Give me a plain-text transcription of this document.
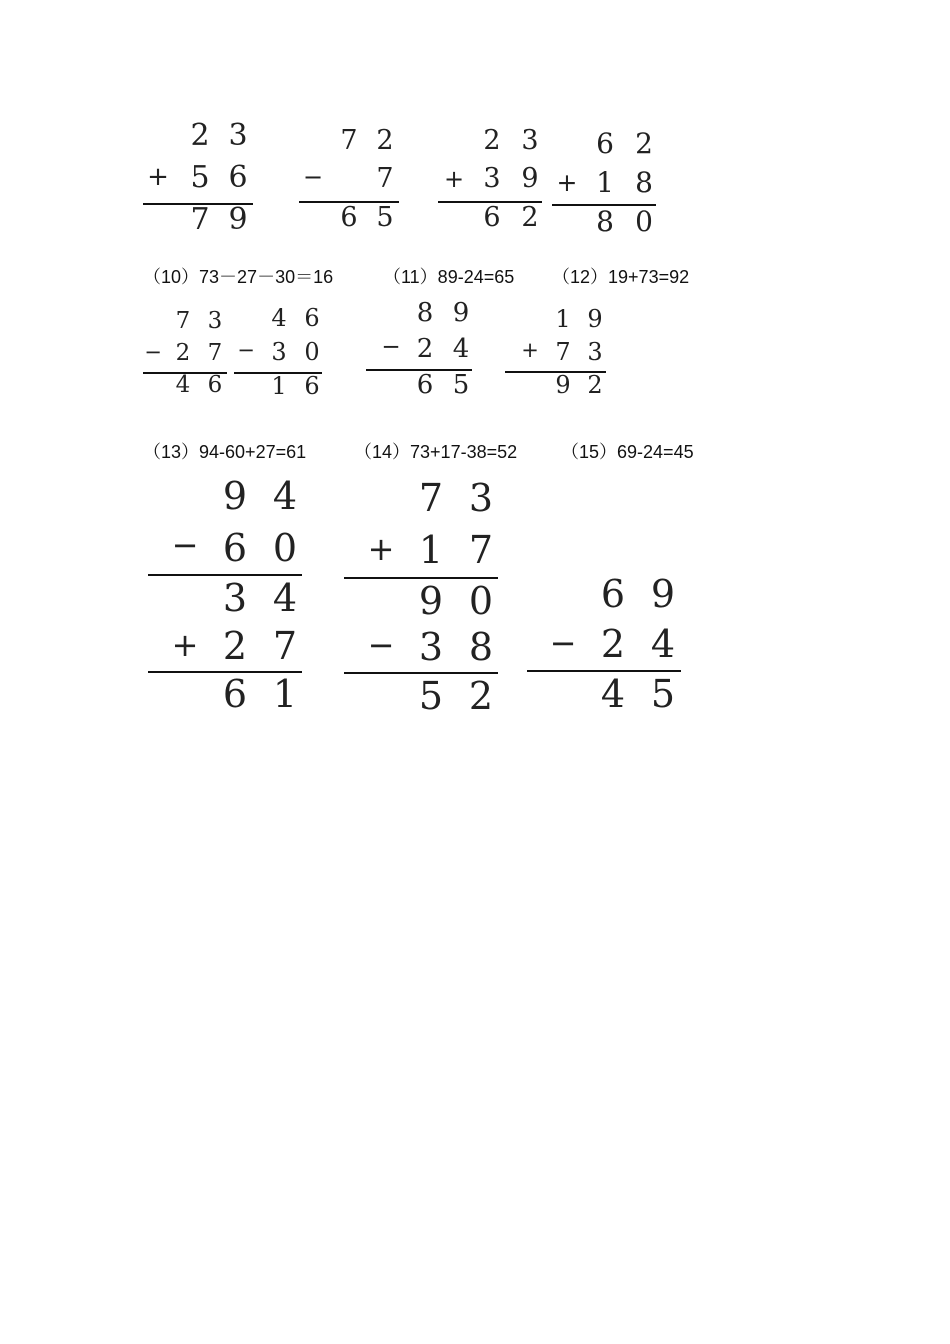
2 3
+ 5 6
7 9
7 2
− 7
6 5
2 3
+ 3 9
6 2
6 2
+ 1 8
8 0
（10）73－27－30＝16	（11）89-24=65 （12）19+73=92
7 3
− 2 7
4 6
4 6
− 3 0
1 6
8 9
− 2 4
6 5
1 9
+ 7 3
9 2
（13）94-60+27=61	（14）73+17-38=52 （15）69-24=45
9 4
− 6 0
3 4
+ 2 7
6 1
7 3
+ 1 7
9 0
− 3 8
5 2
6 9
− 2 4
4 5
